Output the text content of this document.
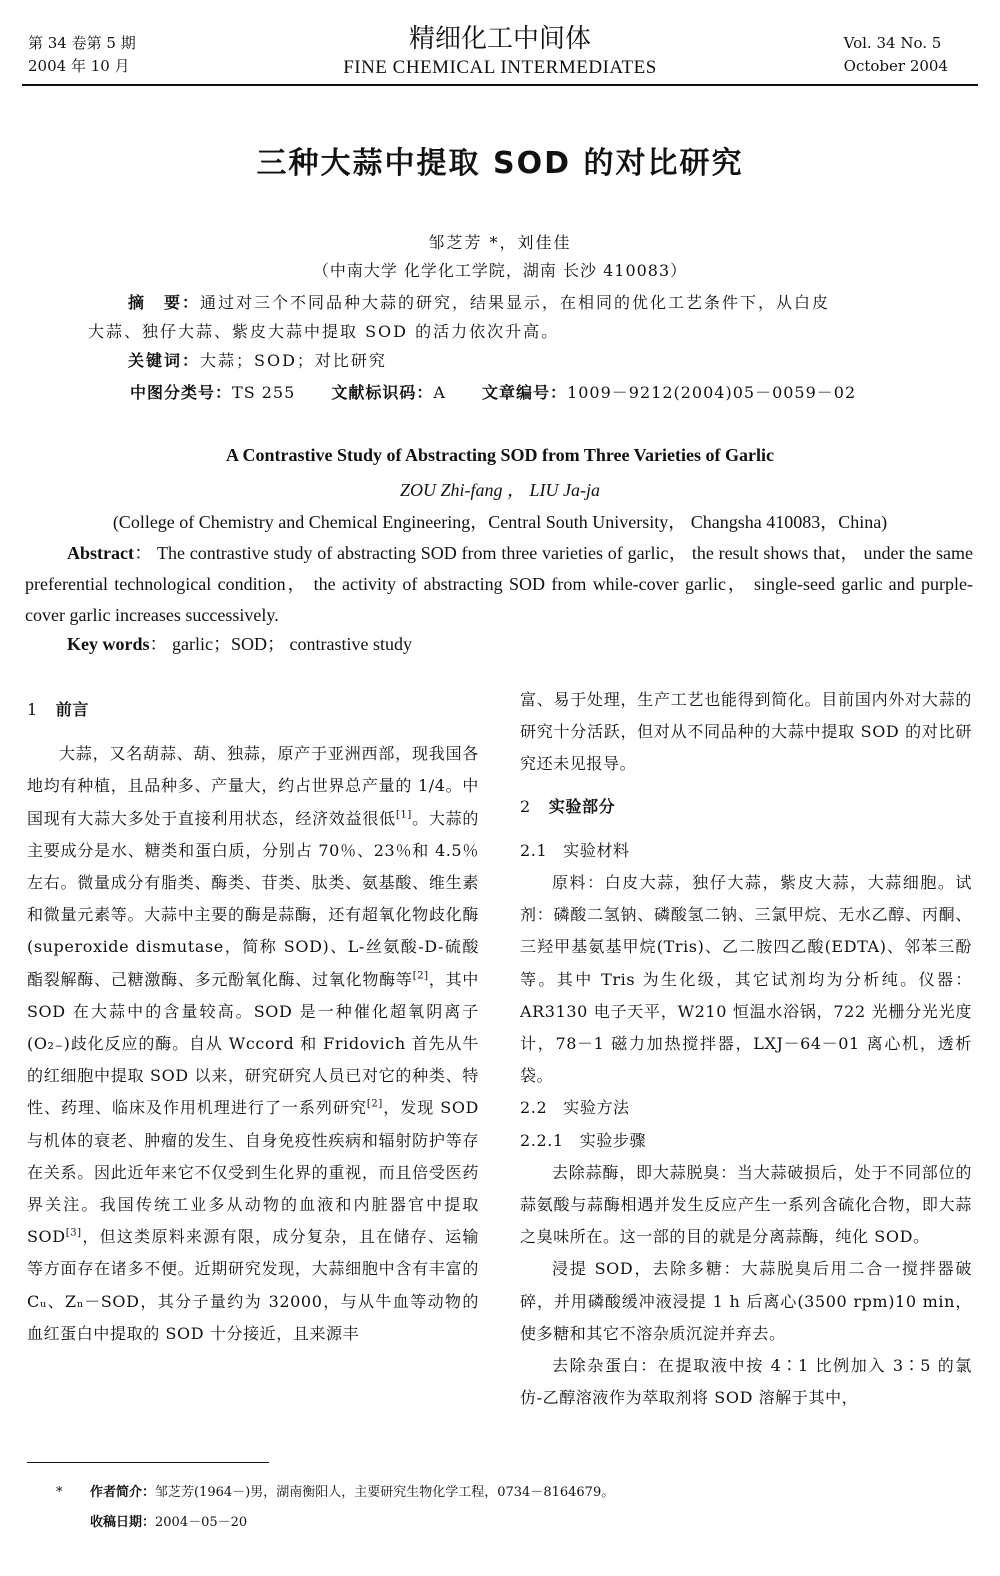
第 34 卷第 5 期
2004 年 10 月
精细化工中间体
FINE CHEMICAL INTERMEDIATES
Vol. 34 No. 5
October 2004
三种大蒜中提取 SOD 的对比研究
邹芝芳 *，刘佳佳
（中南大学 化学化工学院，湖南 长沙 410083）

摘　要：通过对三个不同品种大蒜的研究，结果显示，在相同的优化工艺条件下，从白皮

大蒜、独仔大蒜、紫皮大蒜中提取 SOD 的活力依次升高。

关键词：大蒜；SOD；对比研究

中图分类号：TS 255 文献标识码：A 文章编号：1009－9212(2004)05－0059－02
A Contrastive Study of Abstracting SOD from Three Varieties of Garlic
ZOU Zhi-fang ， LIU Ja-ja
(College of Chemistry and Chemical Engineering，Central South University， Changsha 410083，China)

Abstract： The contrastive study of abstracting SOD from three varieties of garlic， the result shows that， under the same preferential technological condition， the activity of abstracting SOD from while-cover garlic， single-seed garlic and purple-cover garlic increases successively.

Key words： garlic；SOD； contrastive study

1 前言

大蒜，又名葫蒜、葫、独蒜，原产于亚洲西部，现我国各地均有种植，且品种多、产量大，约占世界总产量的 1/4。中国现有大蒜大多处于直接利用状态，经济效益很低[1]。大蒜的主要成分是水、糖类和蛋白质，分别占 70％、23％和 4.5％左右。微量成分有脂类、酶类、苷类、肽类、氨基酸、维生素和微量元素等。大蒜中主要的酶是蒜酶，还有超氧化物歧化酶(superoxide dismutase，简称 SOD)、L-丝氨酸-D-硫酸酯裂解酶、己糖激酶、多元酚氧化酶、过氧化物酶等[2]，其中 SOD 在大蒜中的含量较高。SOD 是一种催化超氧阴离子(O₂₋)歧化反应的酶。自从 Wccord 和 Fridovich 首先从牛的红细胞中提取 SOD 以来，研究研究人员已对它的种类、特性、药理、临床及作用机理进行了一系列研究[2]，发现 SOD 与机体的衰老、肿瘤的发生、自身免疫性疾病和辐射防护等存在关系。因此近年来它不仅受到生化界的重视，而且倍受医药界关注。我国传统工业多从动物的血液和内脏器官中提取 SOD[3]，但这类原料来源有限，成分复杂，且在储存、运输等方面存在诸多不便。近期研究发现，大蒜细胞中含有丰富的 Cᵤ、Zₙ－SOD，其分子量约为 32000，与从牛血等动物的血红蛋白中提取的 SOD 十分接近，且来源丰

富、易于处理，生产工艺也能得到简化。目前国内外对大蒜的研究十分活跃，但对从不同品种的大蒜中提取 SOD 的对比研究还未见报导。

2 实验部分

2.1 实验材料

原料：白皮大蒜，独仔大蒜，紫皮大蒜，大蒜细胞。试剂：磷酸二氢钠、磷酸氢二钠、三氯甲烷、无水乙醇、丙酮、三羟甲基氨基甲烷(Tris)、乙二胺四乙酸(EDTA)、邻苯三酚等。其中 Tris 为生化级，其它试剂均为分析纯。仪器：AR3130 电子天平，W210 恒温水浴锅，722 光栅分光光度计，78－1 磁力加热搅拌器，LXJ－64－01 离心机，透析袋。

2.2 实验方法

2.2.1 实验步骤

去除蒜酶，即大蒜脱臭：当大蒜破损后，处于不同部位的蒜氨酸与蒜酶相遇并发生反应产生一系列含硫化合物，即大蒜之臭味所在。这一部的目的就是分离蒜酶，纯化 SOD。

浸提 SOD，去除多糖：大蒜脱臭后用二合一搅拌器破碎，并用磷酸缓冲液浸提 1 h 后离心(3500 rpm)10 min，使多糖和其它不溶杂质沉淀并弃去。

去除杂蛋白：在提取液中按 4∶1 比例加入 3∶5 的氯仿-乙醇溶液作为萃取剂将 SOD 溶解于其中，

* 作者简介：邹芝芳(1964－)男，湖南衡阳人，主要研究生物化学工程，0734－8164679。
收稿日期：2004－05－20
